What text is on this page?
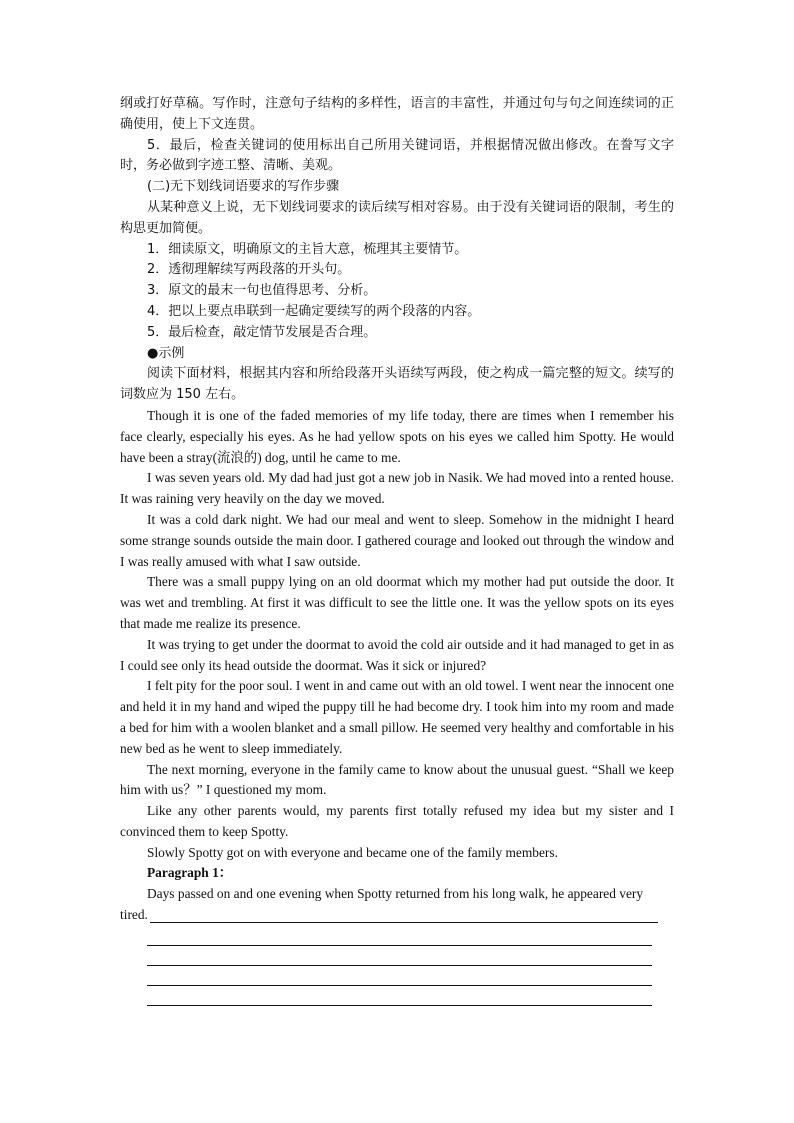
纲或打好草稿。写作时，注意句子结构的多样性，语言的丰富性，并通过句与句之间连续词的正确使用，使上下文连贯。

5．最后，检查关键词的使用标出自己所用关键词语，并根据情况做出修改。在誊写文字时，务必做到字迹工整、清晰、美观。

(二)无下划线词语要求的写作步骤

从某种意义上说，无下划线词要求的读后续写相对容易。由于没有关键词语的限制，考生的构思更加简便。

1．细读原文，明确原文的主旨大意，梳理其主要情节。

2．透彻理解续写两段落的开头句。

3．原文的最末一句也值得思考、分析。

4．把以上要点串联到一起确定要续写的两个段落的内容。

5．最后检查，敲定情节发展是否合理。

●示例

阅读下面材料，根据其内容和所给段落开头语续写两段，使之构成一篇完整的短文。续写的词数应为 150 左右。

Though it is one of the faded memories of my life today, there are times when I remember his face clearly, especially his eyes. As he had yellow spots on his eyes we called him Spotty. He would have been a stray(流浪的) dog, until he came to me.

I was seven years old. My dad had just got a new job in Nasik. We had moved into a rented house. It was raining very heavily on the day we moved.

It was a cold dark night. We had our meal and went to sleep. Somehow in the midnight I heard some strange sounds outside the main door. I gathered courage and looked out through the window and I was really amused with what I saw outside.

There was a small puppy lying on an old doormat which my mother had put outside the door. It was wet and trembling. At first it was difficult to see the little one. It was the yellow spots on its eyes that made me realize its presence.

It was trying to get under the doormat to avoid the cold air outside and it had managed to get in as I could see only its head outside the doormat. Was it sick or injured?

I felt pity for the poor soul. I went in and came out with an old towel. I went near the innocent one and held it in my hand and wiped the puppy till he had become dry. I took him into my room and made a bed for him with a woolen blanket and a small pillow. He seemed very healthy and comfortable in his new bed as he went to sleep immediately.

The next morning, everyone in the family came to know about the unusual guest. “Shall we keep him with us？” I questioned my mom.

Like any other parents would, my parents first totally refused my idea but my sister and I convinced them to keep Spotty.

Slowly Spotty got on with everyone and became one of the family members.

Paragraph 1：

Days passed on and one evening when Spotty returned from his long walk, he appeared very

tired.
